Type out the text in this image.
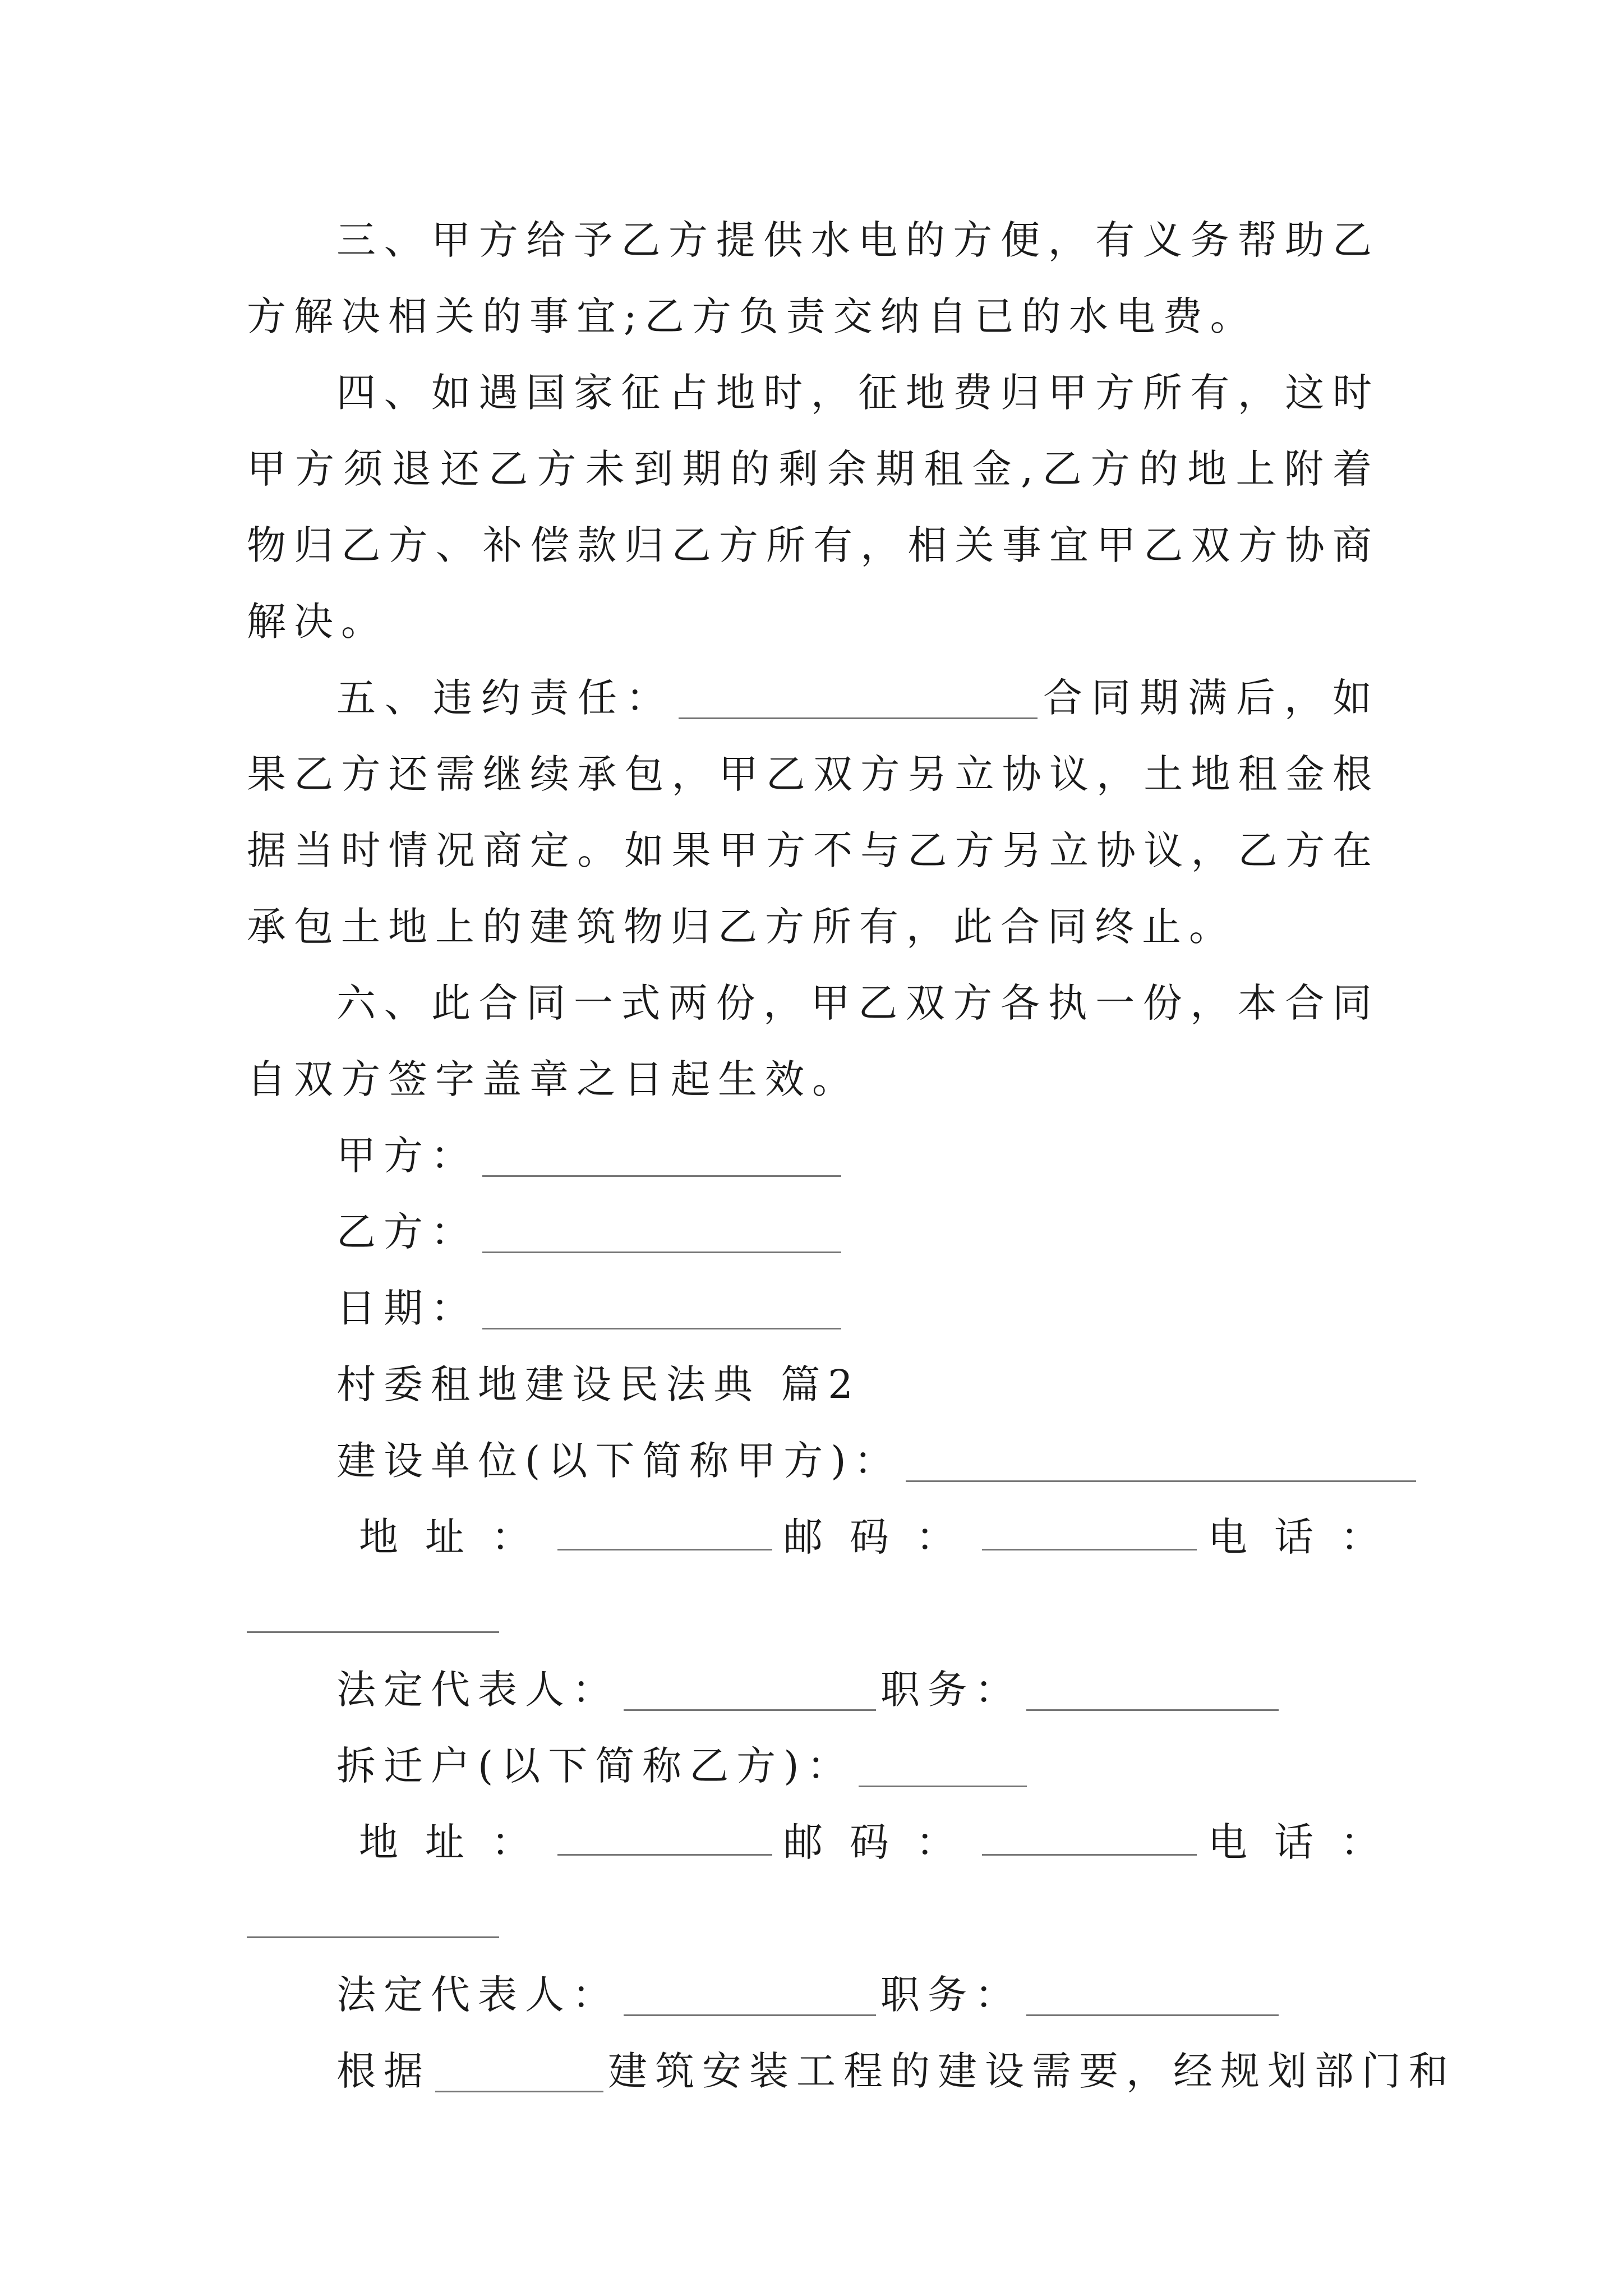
三、甲方给予乙方提供水电的方便，有义务帮助乙方解决相关的事宜;乙方负责交纳自已的水电费。

四、如遇国家征占地时，征地费归甲方所有，这时甲方须退还乙方未到期的剩余期租金,乙方的地上附着物归乙方、补偿款归乙方所有，相关事宜甲乙双方协商解决。

五、违约责任：	合同期满后，如果乙方还需继续承包，甲乙双方另立协议，土地租金根据当时情况商定。如果甲方不与乙方另立协议，乙方在承包土地上的建筑物归乙方所有，此合同终止。

六、此合同一式两份，甲乙双方各执一份，本合同自双方签字盖章之日起生效。

甲方：

乙方：

日期：

村委租地建设民法典 篇2

建设单位(以下简称甲方)：

地址：	邮码：	电话：

法定代表人：	职务：

拆迁户(以下简称乙方)：

地址：	邮码：	电话：

法定代表人：	职务：

根据	建筑安装工程的建设需要，经规划部门和
